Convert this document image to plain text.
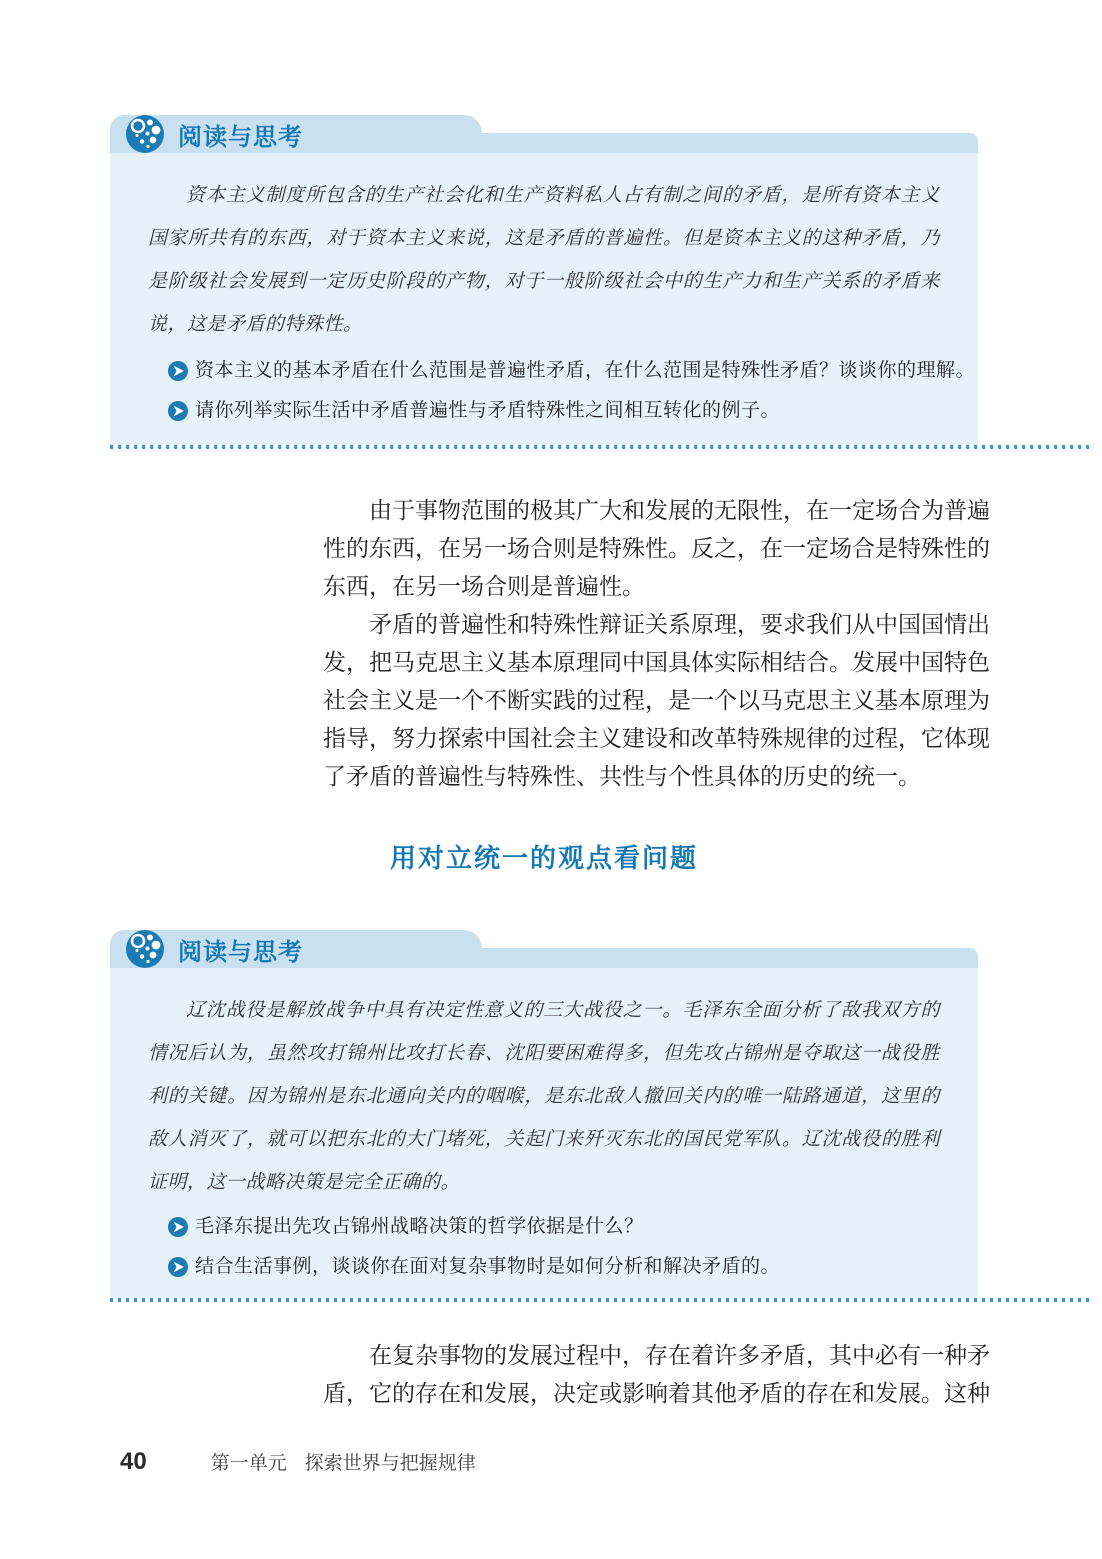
阅读与思考

资本主义制度所包含的生产社会化和生产资料私人占有制之间的矛盾，是所有资本主义国家所共有的东西，对于资本主义来说，这是矛盾的普遍性。但是资本主义的这种矛盾，乃是阶级社会发展到一定历史阶段的产物，对于一般阶级社会中的生产力和生产关系的矛盾来说，这是矛盾的特殊性。

资本主义的基本矛盾在什么范围是普遍性矛盾，在什么范围是特殊性矛盾？谈谈你的理解。
请你列举实际生活中矛盾普遍性与矛盾特殊性之间相互转化的例子。

由于事物范围的极其广大和发展的无限性，在一定场合为普遍性的东西，在另一场合则是特殊性。反之，在一定场合是特殊性的东西，在另一场合则是普遍性。

矛盾的普遍性和特殊性辩证关系原理，要求我们从中国国情出发，把马克思主义基本原理同中国具体实际相结合。发展中国特色社会主义是一个不断实践的过程，是一个以马克思主义基本原理为指导，努力探索中国社会主义建设和改革特殊规律的过程，它体现了矛盾的普遍性与特殊性、共性与个性具体的历史的统一。

用对立统一的观点看问题
阅读与思考

辽沈战役是解放战争中具有决定性意义的三大战役之一。毛泽东全面分析了敌我双方的情况后认为，虽然攻打锦州比攻打长春、沈阳要困难得多，但先攻占锦州是夺取这一战役胜利的关键。因为锦州是东北通向关内的咽喉，是东北敌人撤回关内的唯一陆路通道，这里的敌人消灭了，就可以把东北的大门堵死，关起门来歼灭东北的国民党军队。辽沈战役的胜利证明，这一战略决策是完全正确的。

毛泽东提出先攻占锦州战略决策的哲学依据是什么？
结合生活事例，谈谈你在面对复杂事物时是如何分析和解决矛盾的。

在复杂事物的发展过程中，存在着许多矛盾，其中必有一种矛盾，它的存在和发展，决定或影响着其他矛盾的存在和发展。这种

40	第一单元 探索世界与把握规律
